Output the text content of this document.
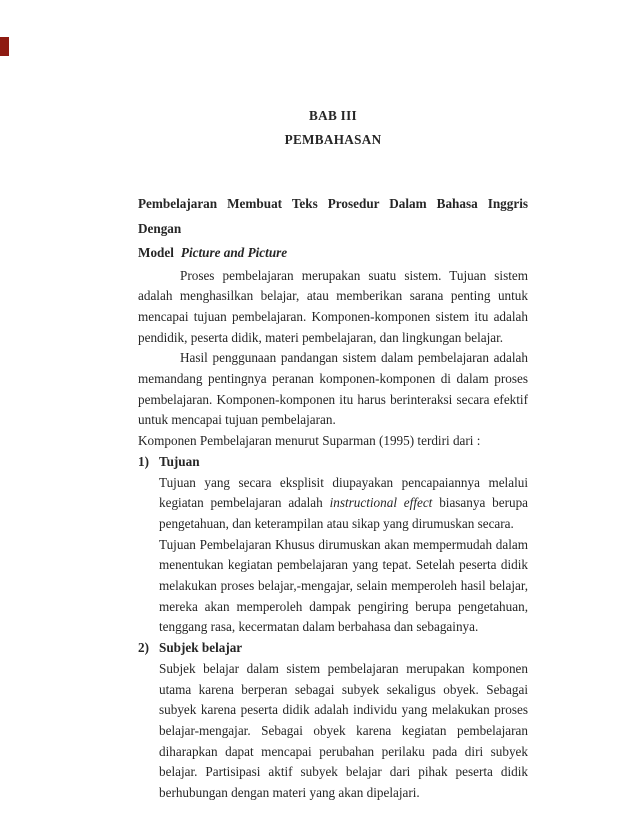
BAB III
PEMBAHASAN
Pembelajaran Membuat Teks Prosedur Dalam Bahasa Inggris Dengan
Model Picture and Picture

Proses pembelajaran merupakan suatu sistem. Tujuan sistem adalah menghasilkan belajar, atau memberikan sarana penting untuk mencapai tujuan pembelajaran. Komponen-komponen sistem itu adalah pendidik, peserta didik, materi pembelajaran, dan lingkungan belajar.

Hasil penggunaan pandangan sistem dalam pembelajaran adalah memandang pentingnya peranan komponen-komponen di dalam proses pembelajaran. Komponen-komponen itu harus berinteraksi secara efektif untuk mencapai tujuan pembelajaran.

Komponen Pembelajaran menurut Suparman (1995) terdiri dari :

1) Tujuan

Tujuan yang secara eksplisit diupayakan pencapaiannya melalui kegiatan pembelajaran adalah instructional effect biasanya berupa pengetahuan, dan keterampilan atau sikap yang dirumuskan secara.

Tujuan Pembelajaran Khusus dirumuskan akan mempermudah dalam menentukan kegiatan pembelajaran yang tepat. Setelah peserta didik melakukan proses belajar,-mengajar, selain memperoleh hasil belajar, mereka akan memperoleh dampak pengiring berupa pengetahuan, tenggang rasa, kecermatan dalam berbahasa dan sebagainya.

2) Subjek belajar

Subjek belajar dalam sistem pembelajaran merupakan komponen utama karena berperan sebagai subyek sekaligus obyek. Sebagai subyek karena peserta didik adalah individu yang melakukan proses belajar-mengajar. Sebagai obyek karena kegiatan pembelajaran diharapkan dapat mencapai perubahan perilaku pada diri subyek belajar. Partisipasi aktif subyek belajar dari pihak peserta didik berhubungan dengan materi yang akan dipelajari.
